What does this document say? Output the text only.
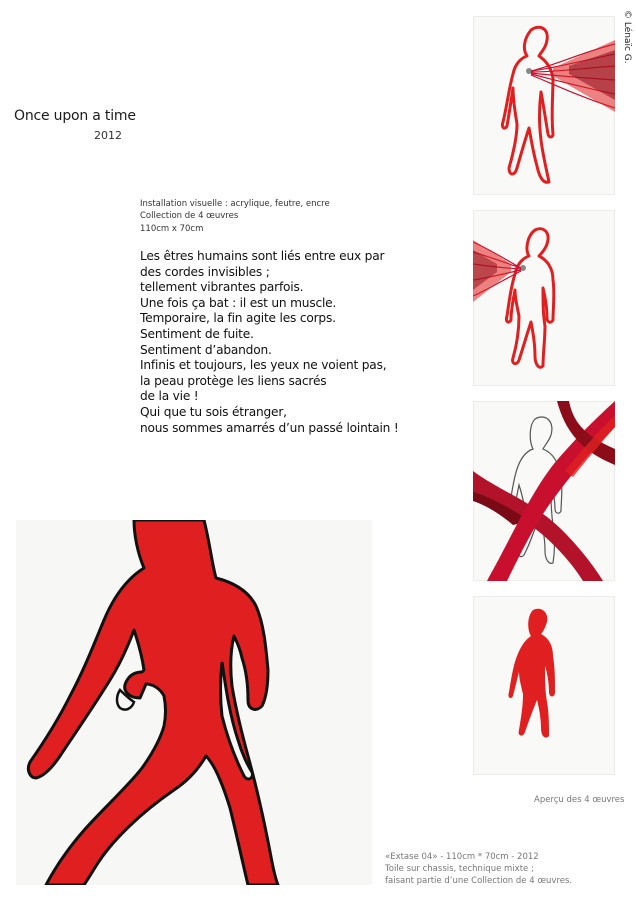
Once upon a time
2012
Installation visuelle : acrylique, feutre, encre
Collection de 4 œuvres
110cm x 70cm
Les êtres humains sont liés entre eux par
des cordes invisibles ;
tellement vibrantes parfois.
Une fois ça bat : il est un muscle.
Temporaire, la fin agite les corps.
Sentiment de fuite.
Sentiment d’abandon.
Infinis et toujours, les yeux ne voient pas,
la peau protège les liens sacrés
de la vie !
Qui que tu sois étranger,
nous sommes amarrés d’un passé lointain !
© Lénaïc G.
Aperçu des 4 œuvres
«Extase 04» - 110cm * 70cm - 2012
Toile sur chassis, technique mixte ;
faisant partie d’une Collection de 4 œuvres.
